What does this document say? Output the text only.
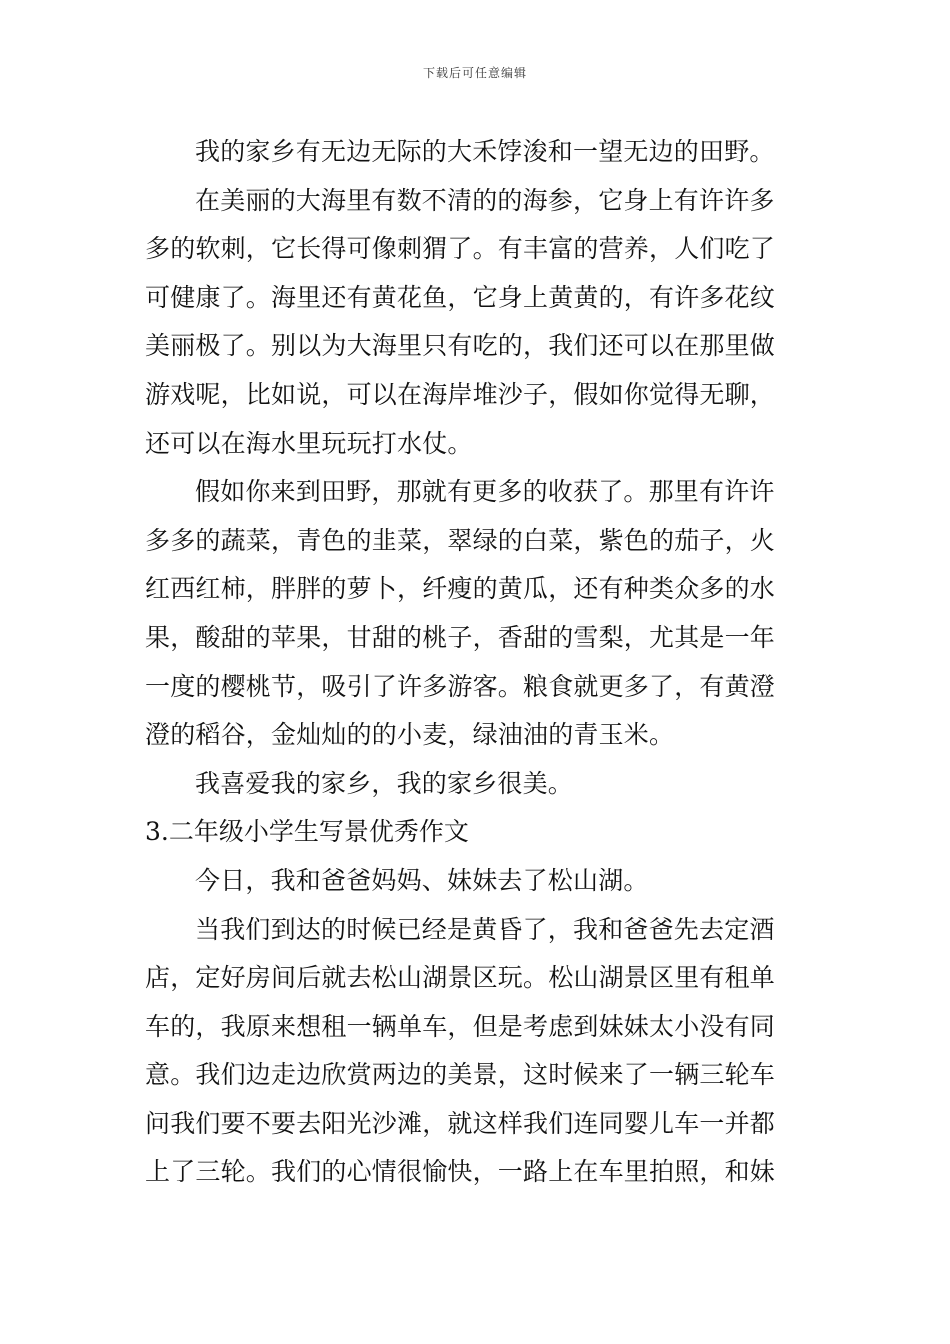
下载后可任意编辑
我的家乡有无边无际的大禾饽浚和一望无边的田野。
在美丽的大海里有数不清的的海参，它身上有许许多
多的软刺，它长得可像刺猬了。有丰富的营养，人们吃了
可健康了。海里还有黄花鱼，它身上黄黄的，有许多花纹
美丽极了。别以为大海里只有吃的，我们还可以在那里做
游戏呢，比如说，可以在海岸堆沙子，假如你觉得无聊，
还可以在海水里玩玩打水仗。
假如你来到田野，那就有更多的收获了。那里有许许
多多的蔬菜，青色的韭菜，翠绿的白菜，紫色的茄子，火
红西红柿，胖胖的萝卜，纤瘦的黄瓜，还有种类众多的水
果，酸甜的苹果，甘甜的桃子，香甜的雪梨，尤其是一年
一度的樱桃节，吸引了许多游客。粮食就更多了，有黄澄
澄的稻谷，金灿灿的的小麦，绿油油的青玉米。
我喜爱我的家乡，我的家乡很美。
3.二年级小学生写景优秀作文
今日，我和爸爸妈妈、妹妹去了松山湖。
当我们到达的时候已经是黄昏了，我和爸爸先去定酒
店，定好房间后就去松山湖景区玩。松山湖景区里有租单
车的，我原来想租一辆单车，但是考虑到妹妹太小没有同
意。我们边走边欣赏两边的美景，这时候来了一辆三轮车
问我们要不要去阳光沙滩，就这样我们连同婴儿车一并都
上了三轮。我们的心情很愉快，一路上在车里拍照，和妹
